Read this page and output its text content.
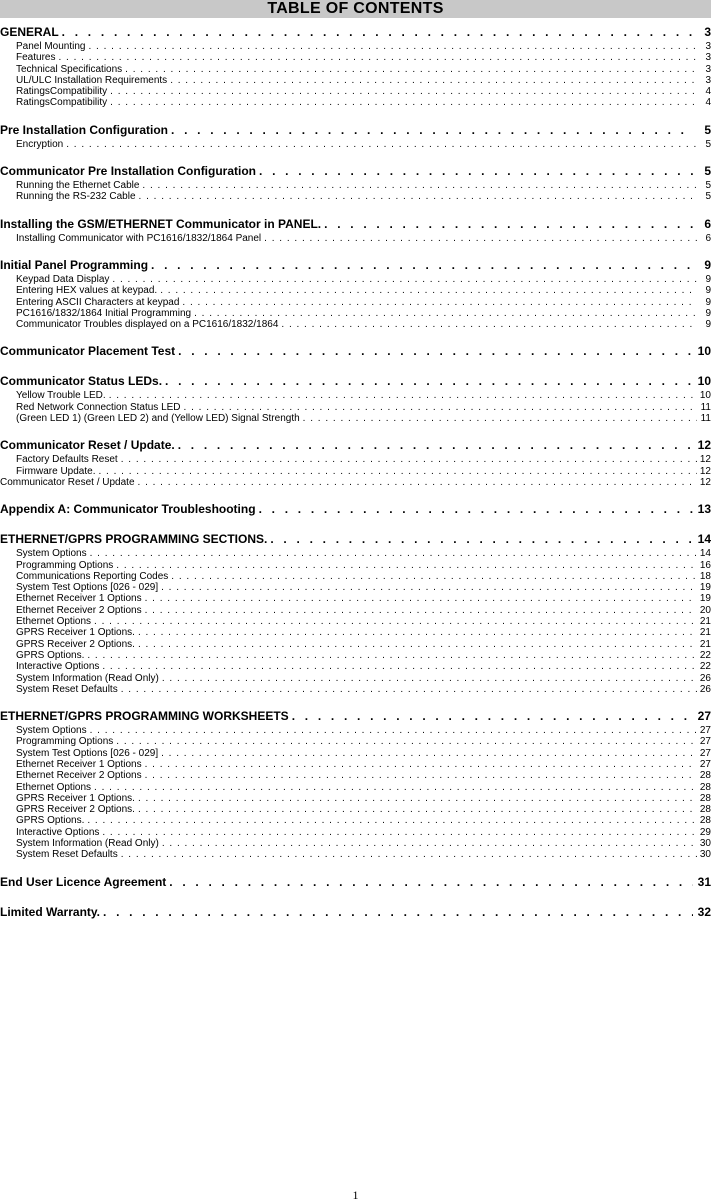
TABLE OF CONTENTS
GENERAL . . .	3
Panel Mounting . . .	3
Features . . .	3
Technical Specifications . . .	3
UL/ULC Installation Requirements . . .	3
RatingsCompatibility . . .	4
RatingsCompatibility . . .	4
Pre Installation Configuration . . .	5
Encryption . . .	5
Communicator Pre Installation Configuration . . .	5
Running the Ethernet Cable . . .	5
Running the RS-232 Cable . . .	5
Installing the GSM/ETHERNET Communicator in PANEL. . . .	6
Installing Communicator with PC1616/1832/1864 Panel . . .	6
Initial Panel Programming . . .	9
Keypad Data Display . . .	9
Entering HEX values at keypad. . . .	9
Entering ASCII Characters at keypad . . .	9
PC1616/1832/1864 Initial Programming . . .	9
Communicator Troubles displayed on a PC1616/1832/1864 . . .	9
Communicator Placement Test . . .	10
Communicator Status LEDs. . . .	10
Yellow Trouble LED. . . .	10
Red Network Connection Status LED . . .	11
(Green LED 1) (Green LED 2) and (Yellow LED) Signal Strength . . .	11
Communicator Reset / Update. . . .	12
Factory Defaults Reset . . .	12
Firmware Update. . . .	12
Communicator Reset / Update . . .	12
Appendix A: Communicator Troubleshooting . . .	13
ETHERNET/GPRS PROGRAMMING SECTIONS. . . .	14
System Options . . .	14
Programming Options . . .	16
Communications Reporting Codes . . .	18
System Test Options [026 - 029] . . .	19
Ethernet Receiver 1 Options . . .	19
Ethernet Receiver 2 Options . . .	20
Ethernet Options . . .	21
GPRS Receiver 1 Options. . . .	21
GPRS Receiver 2 Options. . . .	21
GPRS Options. . . .	22
Interactive Options . . .	22
System Information (Read Only) . . .	26
System Reset Defaults . . .	26
ETHERNET/GPRS PROGRAMMING WORKSHEETS . . .	27
System Options . . .	27
Programming Options . . .	27
System Test Options [026 - 029] . . .	27
Ethernet Receiver 1 Options . . .	27
Ethernet Receiver 2 Options . . .	28
Ethernet Options . . .	28
GPRS Receiver 1 Options. . . .	28
GPRS Receiver 2 Options. . . .	28
GPRS Options. . . .	28
Interactive Options . . .	29
System Information (Read Only) . . .	30
System Reset Defaults . . .	30
End User Licence Agreement . . .	31
Limited Warranty. . . .	32
1
